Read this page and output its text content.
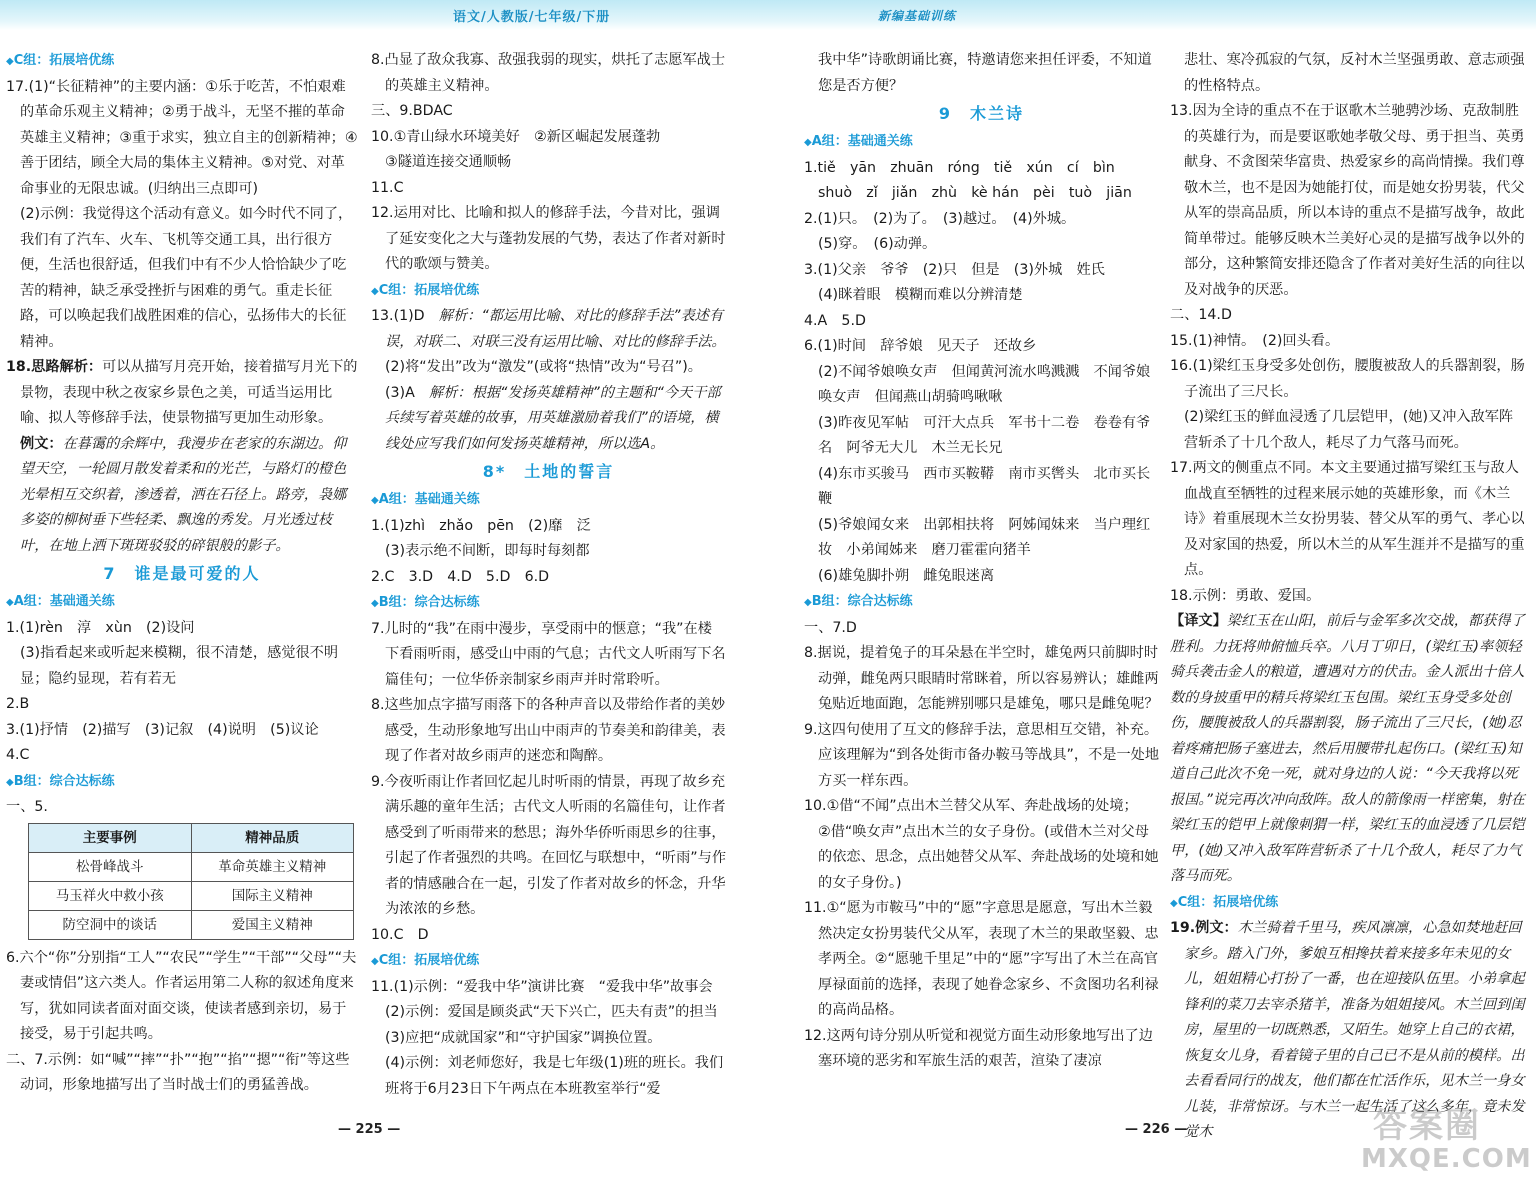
语文/人教版/七年级/下册	新编基础训练

◆ C组：拓展培优练

17.(1)“长征精神”的主要内涵：①乐于吃苦，不怕艰难的革命乐观主义精神；②勇于战斗，无坚不摧的革命英雄主义精神；③重于求实，独立自主的创新精神；④善于团结，顾全大局的集体主义精神。⑤对党、对革命事业的无限忠诚。(归纳出三点即可)

(2)示例：我觉得这个活动有意义。如今时代不同了，我们有了汽车、火车、飞机等交通工具，出行很方便，生活也很舒适，但我们中有不少人恰恰缺少了吃苦的精神，缺乏承受挫折与困难的勇气。重走长征路，可以唤起我们战胜困难的信心，弘扬伟大的长征精神。

18.思路解析：可以从描写月亮开始，接着描写月光下的景物，表现中秋之夜家乡景色之美，可适当运用比喻、拟人等修辞手法，使景物描写更加生动形象。

例文：在暮霭的余辉中，我漫步在老家的东湖边。仰望天空，一轮圆月散发着柔和的光芒，与路灯的橙色光晕相互交织着，渗透着，洒在石径上。路旁，袅娜多姿的柳树垂下些轻柔、飘逸的秀发。月光透过枝叶，在地上洒下斑斑驳驳的碎银般的影子。

7　谁是最可爱的人

◆ A组：基础通关练

1.(1)rèn　淳　xùn　(2)设问

(3)指看起来或听起来模糊，很不清楚，感觉很不明显；隐约显现，若有若无

2.B

3.(1)抒情　(2)描写　(3)记叙　(4)说明　(5)议论

4.C

◆ B组：综合达标练

一、5.

主要事例	精神品质
松骨峰战斗	革命英雄主义精神
马玉祥火中救小孩	国际主义精神
防空洞中的谈话	爱国主义精神

6.六个“你”分别指“工人”“农民”“学生”“干部”“父母”“夫妻或情侣”这六类人。作者运用第二人称的叙述角度来写，犹如同读者面对面交谈，使读者感到亲切，易于接受，易于引起共鸣。

二、7.示例：如“喊”“摔”“扑”“抱”“掐”“摁”“衔”等这些动词，形象地描写出了当时战士们的勇猛善战。

8.凸显了敌众我寡、敌强我弱的现实，烘托了志愿军战士的英雄主义精神。

三、9.BDAC

10.①青山绿水环境美好　②新区崛起发展蓬勃

③隧道连接交通顺畅

11.C

12.运用对比、比喻和拟人的修辞手法，今昔对比，强调了延安变化之大与蓬勃发展的气势，表达了作者对新时代的歌颂与赞美。

◆ C组：拓展培优练

13.(1)D　解析：“都运用比喻、对比的修辞手法”表述有误，对联二、对联三没有运用比喻、对比的修辞手法。

(2)将“发出”改为“激发”(或将“热情”改为“号召”)。

(3)A　解析：根据“发扬英雄精神”的主题和“今天干部兵续写着英雄的故事，用英雄激励着我们”的语境，横线处应写我们如何发扬英雄精神，所以选A。

8*　土地的誓言

◆ A组：基础通关练

1.(1)zhì　zhǎo　pēn　(2)靡　泛

(3)表示绝不间断，即每时每刻都

2.C　3.D　4.D　5.D　6.D

◆ B组：综合达标练

7.儿时的“我”在雨中漫步，享受雨中的惬意；“我”在楼下看雨听雨，感受山中雨的气息；古代文人听雨写下名篇佳句；一位华侨亲制家乡雨声并时常聆听。

8.这些加点字描写雨落下的各种声音以及带给作者的美妙感受，生动形象地写出山中雨声的节奏美和韵律美，表现了作者对故乡雨声的迷恋和陶醉。

9.今夜听雨让作者回忆起儿时听雨的情景，再现了故乡充满乐趣的童年生活；古代文人听雨的名篇佳句，让作者感受到了听雨带来的愁思；海外华侨听雨思乡的往事，引起了作者强烈的共鸣。在回忆与联想中，“听雨”与作者的情感融合在一起，引发了作者对故乡的怀念，升华为浓浓的乡愁。

10.C　D

◆ C组：拓展培优练

11.(1)示例：“爱我中华”演讲比赛　“爱我中华”故事会

(2)示例：爱国是顾炎武“天下兴亡，匹夫有责”的担当

(3)应把“成就国家”和“守护国家”调换位置。

(4)示例：刘老师您好，我是七年级(1)班的班长。我们班将于6月23日下午两点在本班教室举行“爱

我中华”诗歌朗诵比赛，特邀请您来担任评委，不知道您是否方便？

9　木兰诗

◆ A组：基础通关练

1.tiě　yān　zhuān　róng　tiě　xún　cí　bìn

shuò　zǐ　jiǎn　zhù　kè hán　pèi　tuò　jiān

2.(1)只。　(2)为了。　(3)越过。　(4)外城。

(5)穿。　(6)动弹。

3.(1)父亲　爷爷　(2)只　但是　(3)外城　姓氏

(4)眯着眼　模糊而难以分辨清楚

4.A　5.D

6.(1)时间　辞爷娘　见天子　还故乡

(2)不闻爷娘唤女声　但闻黄河流水鸣溅溅　不闻爷娘唤女声　但闻燕山胡骑鸣啾啾

(3)昨夜见军帖　可汗大点兵　军书十二卷　卷卷有爷名　阿爷无大儿　木兰无长兄

(4)东市买骏马　西市买鞍鞯　南市买辔头　北市买长鞭

(5)爷娘闻女来　出郭相扶将　阿姊闻妹来　当户理红妆　小弟闻姊来　磨刀霍霍向猪羊

(6)雄兔脚扑朔　雌兔眼迷离

◆ B组：综合达标练

一、7.D

8.据说，提着兔子的耳朵悬在半空时，雄兔两只前脚时时动弹，雌兔两只眼睛时常眯着，所以容易辨认；雄雌两兔贴近地面跑，怎能辨别哪只是雄兔，哪只是雌兔呢？

9.这四句使用了互文的修辞手法，意思相互交错，补充。应该理解为“到各处街市备办鞍马等战具”，不是一处地方买一样东西。

10.①借“不闻”点出木兰替父从军、奔赴战场的处境；

②借“唤女声”点出木兰的女子身份。(或借木兰对父母的依恋、思念，点出她替父从军、奔赴战场的处境和她的女子身份。)

11.①“愿为市鞍马”中的“愿”字意思是愿意，写出木兰毅然决定女扮男装代父从军，表现了木兰的果敢坚毅、忠孝两全。②“愿驰千里足”中的“愿”字写出了木兰在高官厚禄面前的选择，表现了她眷念家乡、不贪图功名利禄的高尚品格。

12.这两句诗分别从听觉和视觉方面生动形象地写出了边塞环境的恶劣和军旅生活的艰苦，渲染了凄凉

悲壮、寒冷孤寂的气氛，反衬木兰坚强勇敢、意志顽强的性格特点。

13.因为全诗的重点不在于讴歌木兰驰骋沙场、克敌制胜的英雄行为，而是要讴歌她孝敬父母、勇于担当、英勇献身、不贪图荣华富贵、热爱家乡的高尚情操。我们尊敬木兰，也不是因为她能打仗，而是她女扮男装，代父从军的崇高品质，所以本诗的重点不是描写战争，故此简单带过。能够反映木兰美好心灵的是描写战争以外的部分，这种繁简安排还隐含了作者对美好生活的向往以及对战争的厌恶。

二、14.D

15.(1)神情。　(2)回头看。

16.(1)梁红玉身受多处创伤，腰腹被敌人的兵器割裂，肠子流出了三尺长。

(2)梁红玉的鲜血浸透了几层铠甲，(她)又冲入敌军阵营斩杀了十几个敌人，耗尽了力气落马而死。

17.两文的侧重点不同。本文主要通过描写梁红玉与敌人血战直至牺牲的过程来展示她的英雄形象，而《木兰诗》着重展现木兰女扮男装、替父从军的勇气、孝心以及对家国的热爱，所以木兰的从军生涯并不是描写的重点。

18.示例：勇敢、爱国。

【译文】梁红玉在山阳，前后与金军多次交战，都获得了胜利。力抚将帅俯恤兵卒。八月丁卯日，(梁红玉)率领轻骑兵袭击金人的粮道，遭遇对方的伏击。金人派出十倍人数的身披重甲的精兵将梁红玉包围。梁红玉身受多处创伤，腰腹被敌人的兵器割裂，肠子流出了三尺长，(她)忍着疼痛把肠子塞进去，然后用腰带扎起伤口。(梁红玉)知道自己此次不免一死，就对身边的人说：“今天我将以死报国。”说完再次冲向敌阵。敌人的箭像雨一样密集，射在梁红玉的铠甲上就像刺猬一样，梁红玉的血浸透了几层铠甲，(她)又冲入敌军阵营斩杀了十几个敌人，耗尽了力气落马而死。

◆ C组：拓展培优练

19.例文：木兰骑着千里马，疾风凛凛，心急如焚地赶回家乡。踏入门外，爹娘互相搀扶着来接多年未见的女儿，姐姐精心打扮了一番，也在迎接队伍里。小弟拿起锋利的菜刀去宰杀猪羊，准备为姐姐接风。木兰回到闺房，屋里的一切既熟悉，又陌生。她穿上自己的衣裙，恢复女儿身，看着镜子里的自己已不是从前的模样。出去看看同行的战友，他们都在忙活作乐，见木兰一身女儿装，非常惊讶。与木兰一起生活了这么多年，竟未发觉木

— 225 —	— 226 —	答案圈
MXQE.COM
